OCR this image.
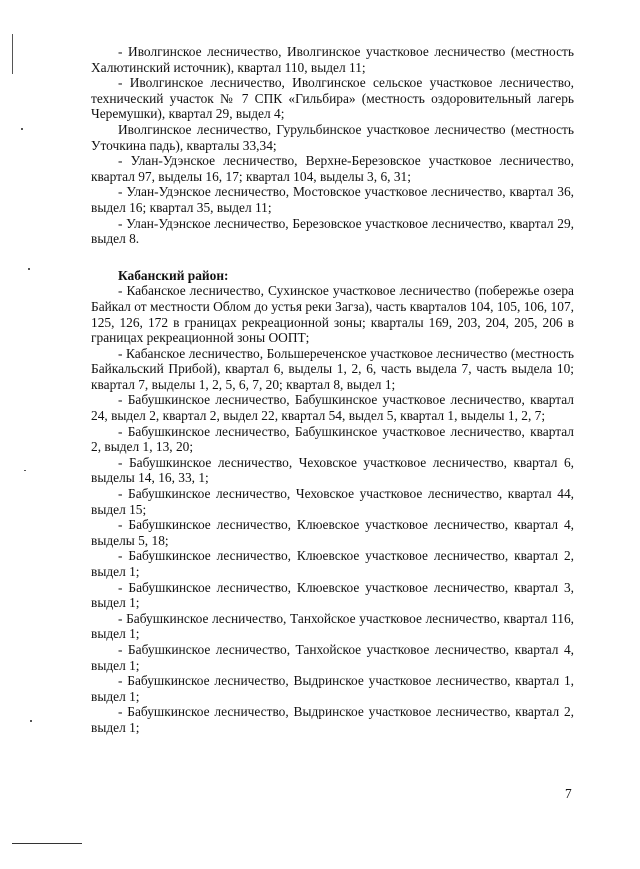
- Иволгинское лесничество, Иволгинское участковое лесничество (местность Халютинский источник), квартал 110, выдел 11;

- Иволгинское лесничество, Иволгинское сельское участковое лесничество, технический участок № 7 СПК «Гильбира» (местность оздоровительный лагерь Черемушки), квартал 29, выдел 4;

Иволгинское лесничество, Гурульбинское участковое лесничество (местность Уточкина падь), кварталы 33,34;

- Улан-Удэнское лесничество, Верхне-Березовское участковое лесничество, квартал 97, выделы 16, 17; квартал 104, выделы 3, 6, 31;

- Улан-Удэнское лесничество, Мостовское участковое лесничество, квартал 36, выдел 16; квартал 35, выдел 11;

- Улан-Удэнское лесничество, Березовское участковое лесничество, квартал 29, выдел 8.

Кабанский район:

- Кабанское лесничество, Сухинское участковое лесничество (побережье озера Байкал от местности Облом до устья реки Загза), часть кварталов 104, 105, 106, 107, 125, 126, 172 в границах рекреационной зоны; кварталы 169, 203, 204, 205, 206 в границах рекреационной зоны ООПТ;

- Кабанское лесничество, Большереченское участковое лесничество (местность Байкальский Прибой), квартал 6, выделы 1, 2, 6, часть выдела 7, часть выдела 10; квартал 7, выделы 1, 2, 5, 6, 7, 20; квартал 8, выдел 1;

- Бабушкинское лесничество, Бабушкинское участковое лесничество, квартал 24, выдел 2, квартал 2, выдел 22, квартал 54, выдел 5, квартал 1, выделы 1, 2, 7;

- Бабушкинское лесничество, Бабушкинское участковое лесничество, квартал 2, выдел 1, 13, 20;

- Бабушкинское лесничество, Чеховское участковое лесничество, квартал 6, выделы 14, 16, 33, 1;

- Бабушкинское лесничество, Чеховское участковое лесничество, квартал 44, выдел 15;

- Бабушкинское лесничество, Клюевское участковое лесничество, квартал 4, выделы 5, 18;

- Бабушкинское лесничество, Клюевское участковое лесничество, квартал 2, выдел 1;

- Бабушкинское лесничество, Клюевское участковое лесничество, квартал 3, выдел 1;

- Бабушкинское лесничество, Танхойское участковое лесничество, квартал 116, выдел 1;

- Бабушкинское лесничество, Танхойское участковое лесничество, квартал 4, выдел 1;

- Бабушкинское лесничество, Выдринское участковое лесничество, квартал 1, выдел 1;

- Бабушкинское лесничество, Выдринское участковое лесничество, квартал 2, выдел 1;

7
